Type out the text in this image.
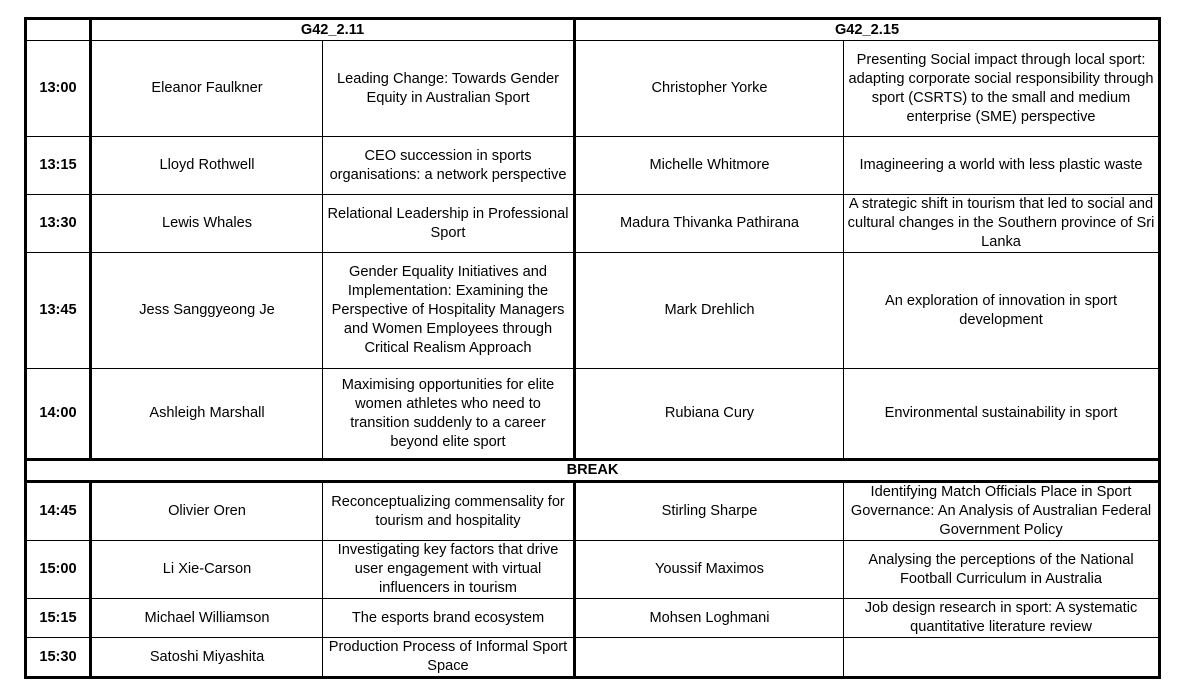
	G42_2.11		G42_2.15	
13:00	Eleanor Faulkner	Leading Change: Towards Gender Equity in Australian Sport	Christopher Yorke	Presenting Social impact through local sport: adapting corporate social responsibility through sport (CSRTS) to the small and medium enterprise (SME) perspective
13:15	Lloyd Rothwell	CEO succession in sports organisations: a network perspective	Michelle Whitmore	Imagineering a world with less plastic waste
13:30	Lewis Whales	Relational Leadership in Professional Sport	Madura Thivanka Pathirana	A strategic shift in tourism that led to social and cultural changes in the Southern province of Sri Lanka
13:45	Jess Sanggyeong Je	Gender Equality Initiatives and Implementation: Examining the Perspective of Hospitality Managers and Women Employees through Critical Realism Approach	Mark Drehlich	An exploration of innovation in sport development
14:00	Ashleigh Marshall	Maximising opportunities for elite women athletes who need to transition suddenly to a career beyond elite sport	Rubiana Cury	Environmental sustainability in sport
BREAK				
14:45	Olivier Oren	Reconceptualizing commensality for tourism and hospitality	Stirling Sharpe	Identifying Match Officials Place in Sport Governance: An Analysis of Australian Federal Government Policy
15:00	Li Xie-Carson	Investigating key factors that drive user engagement with virtual influencers in tourism	Youssif Maximos	Analysing the perceptions of the National Football Curriculum in Australia
15:15	Michael Williamson	The esports brand ecosystem	Mohsen Loghmani	Job design research in sport: A systematic quantitative literature review
15:30	Satoshi Miyashita	Production Process of Informal Sport Space		
